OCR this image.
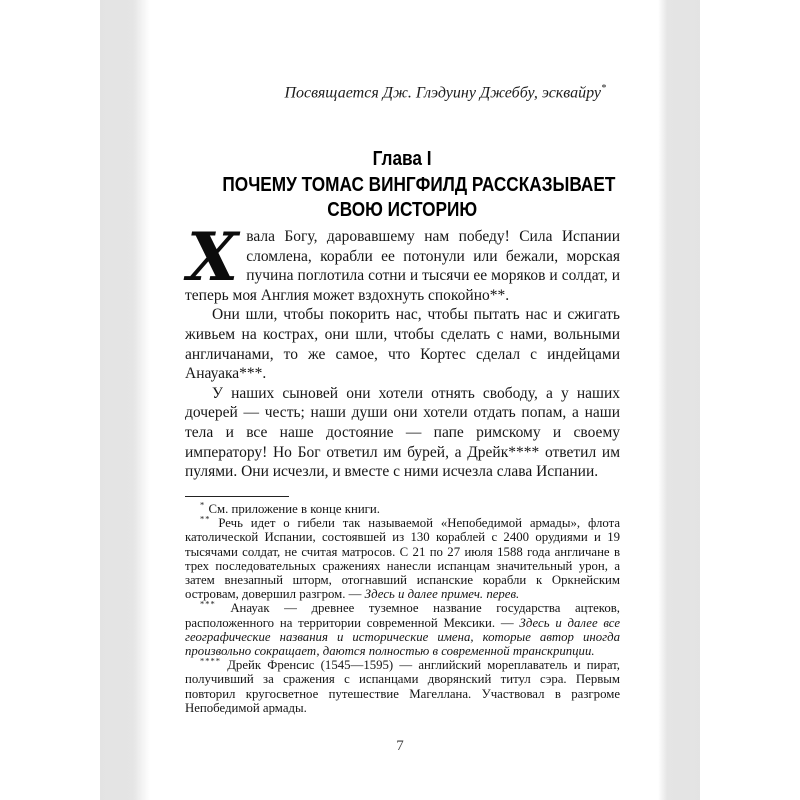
Посвящается Дж. Глэдуину Джеббу, эсквайру*
Глава I
ПОЧЕМУ ТОМАС ВИНГФИЛД РАССКАЗЫВАЕТ
СВОЮ ИСТОРИЮ

Хвала Богу, даровавшему нам победу! Сила Испании сломлена, корабли ее потонули или бежали, морская пучина поглотила сотни и тысячи ее моряков и солдат, и теперь моя Англия может вздохнуть спокойно**.

Они шли, чтобы покорить нас, чтобы пытать нас и сжигать живьем на кострах, они шли, чтобы сделать с нами, вольными англичанами, то же самое, что Кортес сделал с индейцами Анауака***.

У наших сыновей они хотели отнять свободу, а у наших дочерей — честь; наши души они хотели отдать попам, а наши тела и все наше достояние — папе римскому и своему императору! Но Бог ответил им бурей, а Дрейк**** ответил им пулями. Они исчезли, и вместе с ними исчезла слава Испании.

* См. приложение в конце книги.

** Речь идет о гибели так называемой «Непобедимой армады», флота католической Испании, состоявшей из 130 кораблей с 2400 орудиями и 19 тысячами солдат, не считая матросов. С 21 по 27 июля 1588 года англичане в трех последовательных сражениях нанесли испанцам значительный урон, а затем внезапный шторм, отогнавший испанские корабли к Оркнейским островам, довершил разгром. — Здесь и далее примеч. перев.

*** Анауак — древнее туземное название государства ацтеков, расположенного на территории современной Мексики. — Здесь и далее все географические названия и исторические имена, которые автор иногда произвольно сокращает, даются полностью в современной транскрипции.

**** Дрейк Френсис (1545—1595) — английский мореплаватель и пират, получивший за сражения с испанцами дворянский титул сэра. Первым повторил кругосветное путешествие Магеллана. Участвовал в разгроме Непобедимой армады.

7
